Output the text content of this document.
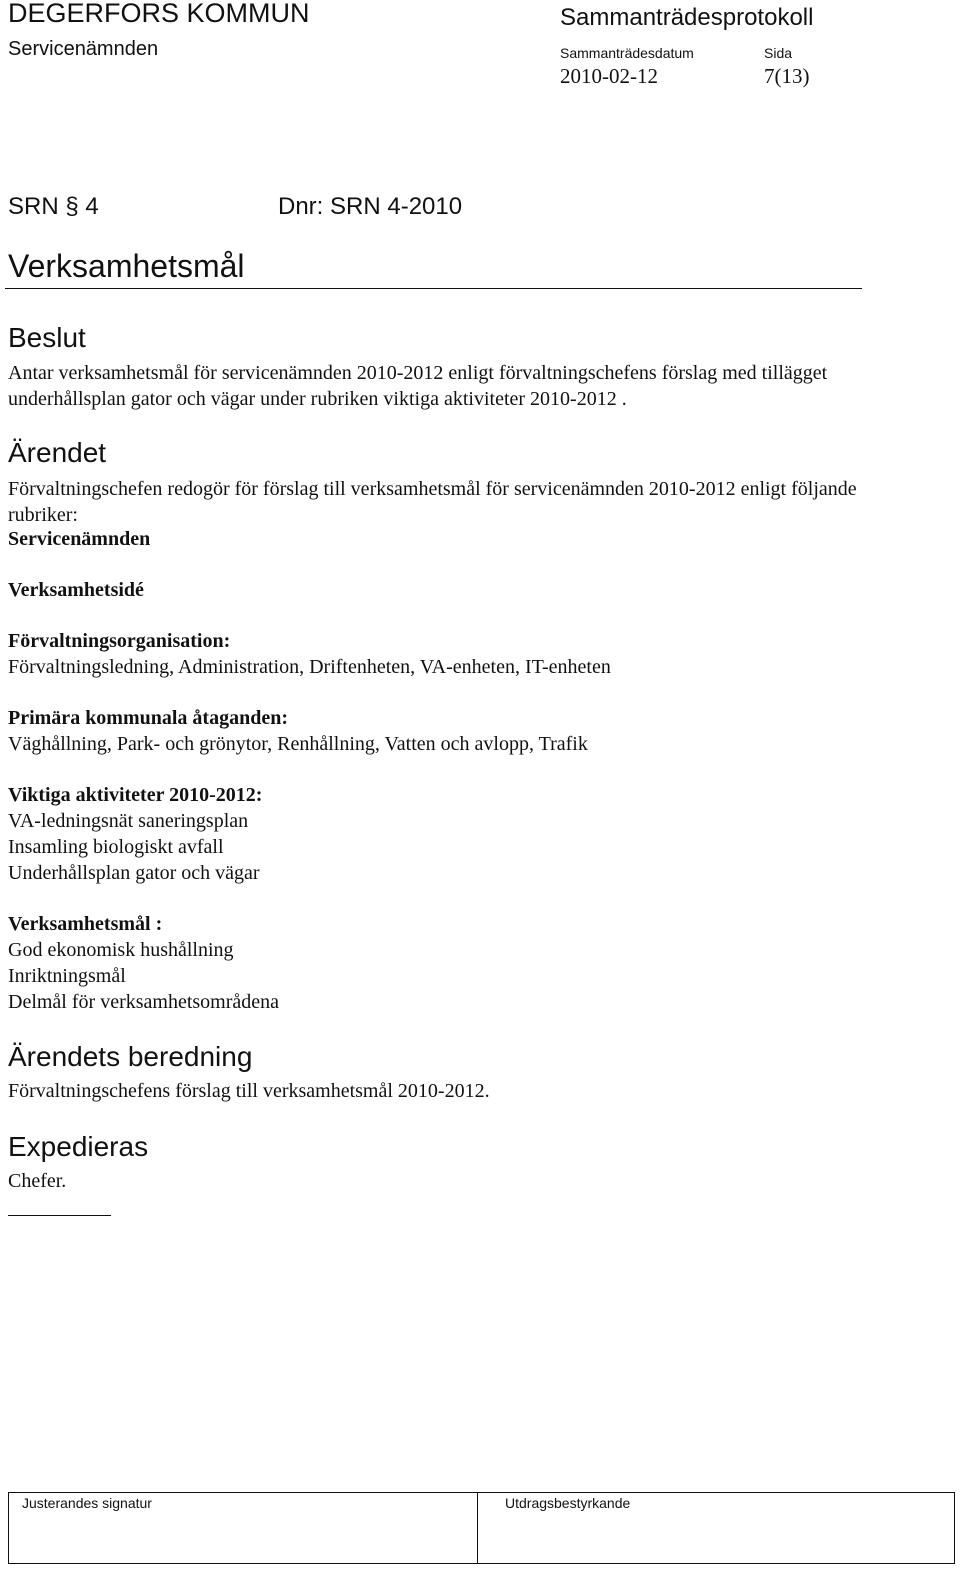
DEGERFORS KOMMUN
Servicenämnden
Sammanträdesprotokoll
Sammanträdesdatum	Sida
2010-02-12	7(13)
SRN § 4	Dnr: SRN 4-2010
Verksamhetsmål
Beslut
Antar verksamhetsmål för servicenämnden 2010-2012 enligt förvaltningschefens förslag med tillägget underhållsplan gator och vägar under rubriken viktiga aktiviteter 2010-2012 .
Ärendet
Förvaltningschefen redogör för förslag till verksamhetsmål för servicenämnden 2010-2012 enligt följande rubriker:
Servicenämnden
Verksamhetsidé
Förvaltningsorganisation:
Förvaltningsledning, Administration, Driftenheten, VA-enheten, IT-enheten
Primära kommunala åtaganden:
Väghållning, Park- och grönytor, Renhållning, Vatten och avlopp, Trafik
Viktiga aktiviteter 2010-2012:
VA-ledningsnät saneringsplan
Insamling biologiskt avfall
Underhållsplan gator och vägar
Verksamhetsmål :
God ekonomisk hushållning
Inriktningsmål
Delmål för verksamhetsområdena
Ärendets beredning
Förvaltningschefens förslag till verksamhetsmål 2010-2012.
Expedieras
Chefer.
Justerandes signatur	Utdragsbestyrkande
